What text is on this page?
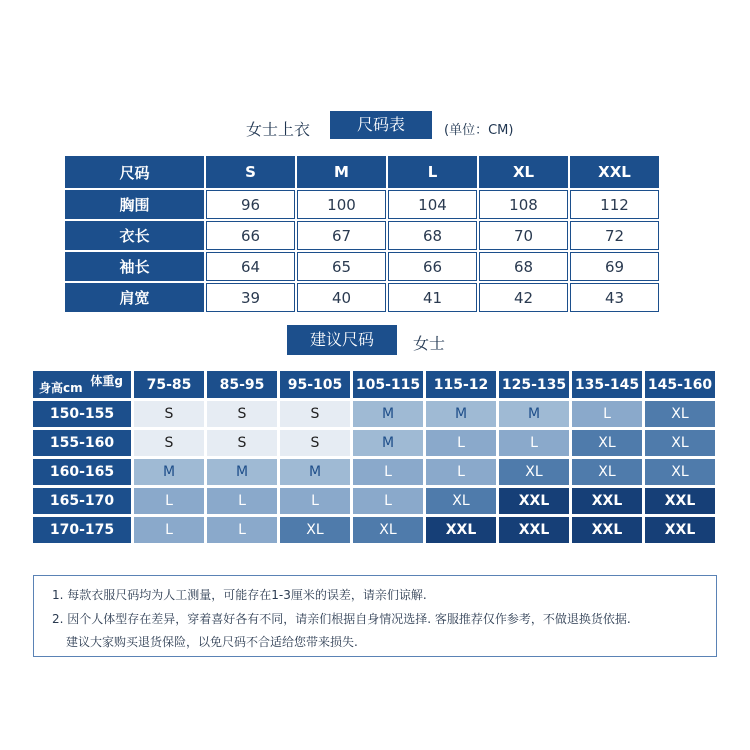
女士上衣	尺码表	(单位：CM)
尺码	S	M	L	XL	XXL
胸围	96	100	104	108	112
衣长	66	67	68	70	72
袖长	64	65	66	68	69
肩宽	39	40	41	42	43
建议尺码	女士
体重g
身高cm	75-85	85-95	95-105	105-115	115-12	125-135	135-145	145-160
150-155	S	S	S	M	M	M	L	XL
155-160	S	S	S	M	L	L	XL	XL
160-165	M	M	M	L	L	XL	XL	XL
165-170	L	L	L	L	XL	XXL	XXL	XXL
170-175	L	L	XL	XL	XXL	XXL	XXL	XXL
1. 每款衣服尺码均为人工测量，可能存在1-3厘米的误差，请亲们谅解.
2. 因个人体型存在差异，穿着喜好各有不同，请亲们根据自身情况选择. 客服推荐仅作参考，不做退换货依据.
建议大家购买退货保险，以免尺码不合适给您带来损失.
